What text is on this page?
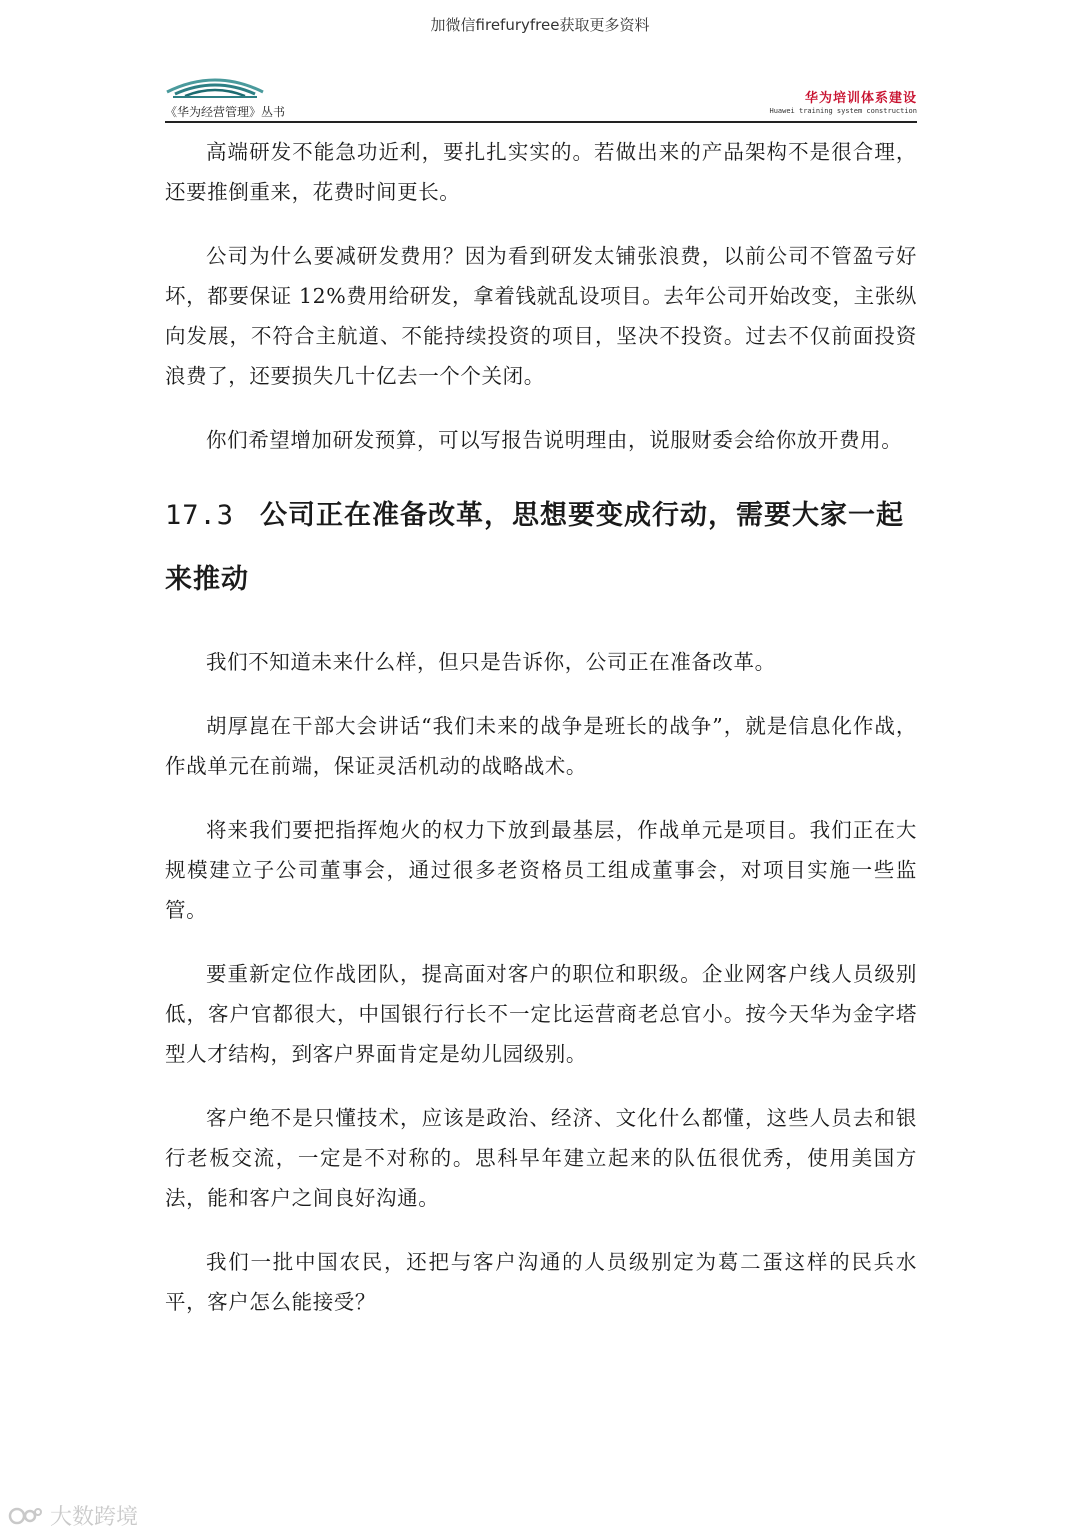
加微信firefuryfree获取更多资料
《华为经营管理》丛书
华为培训体系建设
Huawei training system construction

高端研发不能急功近利，要扎扎实实的。若做出来的产品架构不是很合理，还要推倒重来，花费时间更长。

公司为什么要减研发费用？因为看到研发太铺张浪费，以前公司不管盈亏好坏，都要保证 12%费用给研发，拿着钱就乱设项目。去年公司开始改变，主张纵向发展，不符合主航道、不能持续投资的项目，坚决不投资。过去不仅前面投资浪费了，还要损失几十亿去一个个关闭。

你们希望增加研发预算，可以写报告说明理由，说服财委会给你放开费用。

17.3 公司正在准备改革，思想要变成行动，需要大家一起来推动

我们不知道未来什么样，但只是告诉你，公司正在准备改革。

胡厚崑在干部大会讲话“我们未来的战争是班长的战争”，就是信息化作战，作战单元在前端，保证灵活机动的战略战术。

将来我们要把指挥炮火的权力下放到最基层，作战单元是项目。我们正在大规模建立子公司董事会，通过很多老资格员工组成董事会，对项目实施一些监管。

要重新定位作战团队，提高面对客户的职位和职级。企业网客户线人员级别低，客户官都很大，中国银行行长不一定比运营商老总官小。按今天华为金字塔型人才结构，到客户界面肯定是幼儿园级别。

客户绝不是只懂技术，应该是政治、经济、文化什么都懂，这些人员去和银行老板交流，一定是不对称的。思科早年建立起来的队伍很优秀，使用美国方法，能和客户之间良好沟通。

我们一批中国农民，还把与客户沟通的人员级别定为葛二蛋这样的民兵水平，客户怎么能接受？

大数跨境
